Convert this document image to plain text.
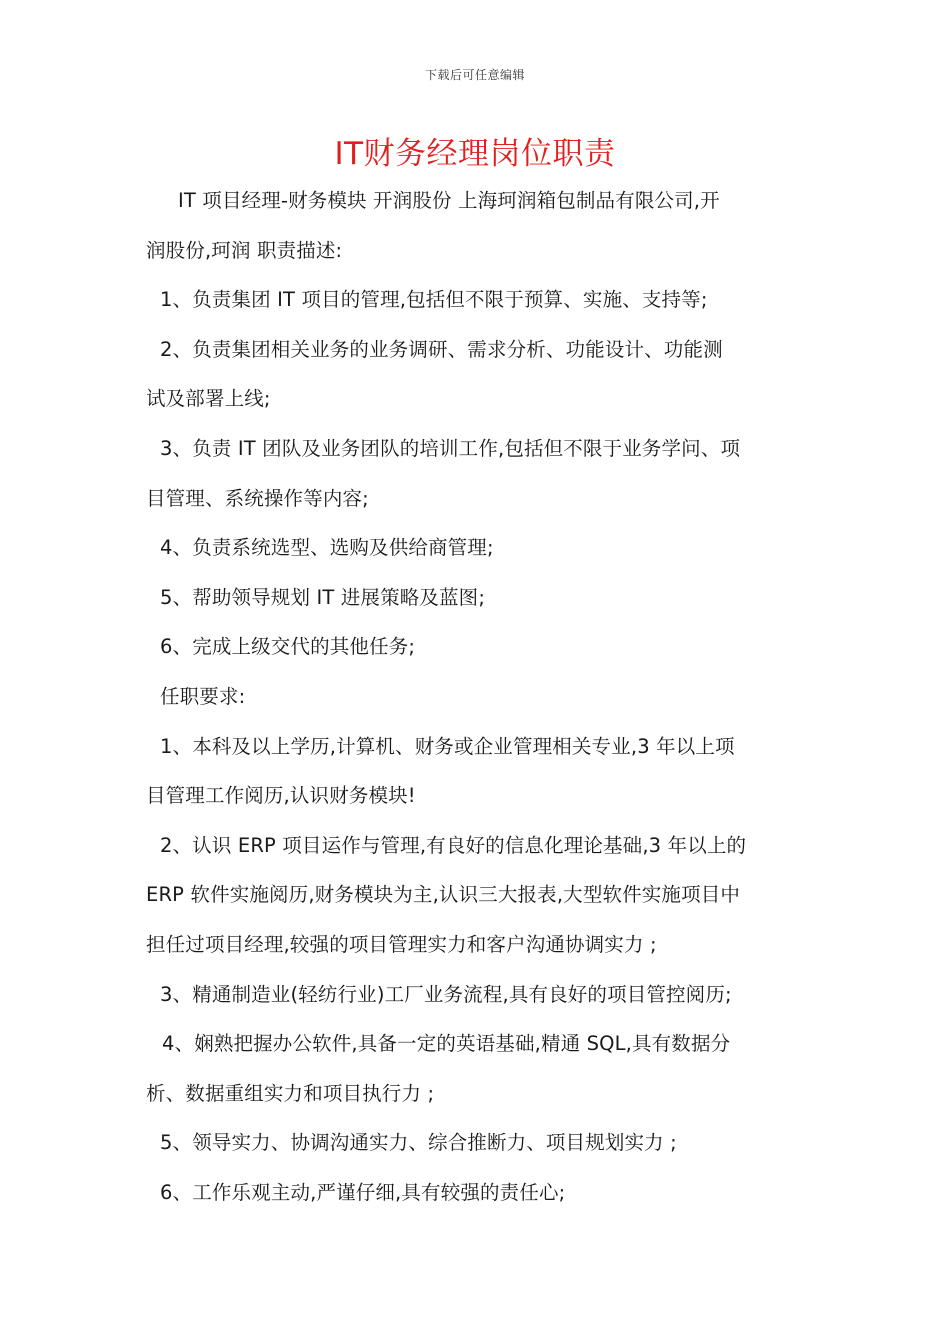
下载后可任意编辑
IT财务经理岗位职责
IT 项目经理-财务模块 开润股份 上海珂润箱包制品有限公司,开
润股份,珂润 职责描述:
1、负责集团 IT 项目的管理,包括但不限于预算、实施、支持等;
2、负责集团相关业务的业务调研、需求分析、功能设计、功能测
试及部署上线;
3、负责 IT 团队及业务团队的培训工作,包括但不限于业务学问、项
目管理、系统操作等内容;
4、负责系统选型、选购及供给商管理;
5、帮助领导规划 IT 进展策略及蓝图;
6、完成上级交代的其他任务;
任职要求:
1、本科及以上学历,计算机、财务或企业管理相关专业,3 年以上项
目管理工作阅历,认识财务模块!
2、认识 ERP 项目运作与管理,有良好的信息化理论基础,3 年以上的
ERP 软件实施阅历,财务模块为主,认识三大报表,大型软件实施项目中
担任过项目经理,较强的项目管理实力和客户沟通协调实力 ;
3、精通制造业(轻纺行业)工厂业务流程,具有良好的项目管控阅历;
4、娴熟把握办公软件,具备一定的英语基础,精通 SQL,具有数据分
析、数据重组实力和项目执行力 ;
5、领导实力、协调沟通实力、综合推断力、项目规划实力 ;
6、工作乐观主动,严谨仔细,具有较强的责任心;
